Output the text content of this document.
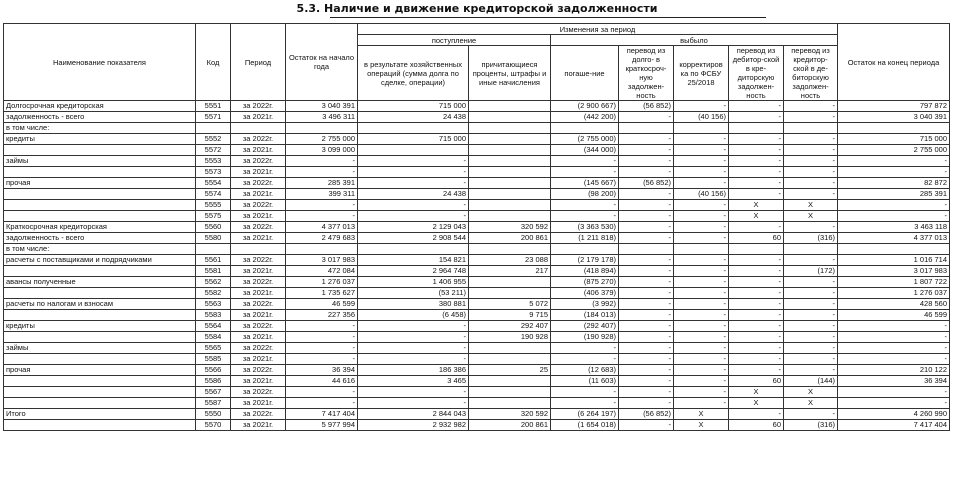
5.3. Наличие и движение кредиторской задолженности
Наименование показателя	Код	Период	Остаток на начало года	Изменения за период							Остаток на конец периода
				поступление		выбыло					
				в результате хозяйственных операций (сумма долга по сделке, операции)	причитающиеся проценты, штрафы и иные начисления	погаше-ние	перевод из долго- в краткосроч-ную задолжен-ность	корректиров ка по ФСБУ 25/2018	перевод из дебитор-ской в кре-диторскую задолжен-ность	перевод из кредитор-ской в де-биторскую задолжен-ность	
Долгосрочная кредиторская	5551	за 2022г.	3 040 391	715 000		(2 900 667)	(56 852)	-	-	-	797 872
задолженность - всего	5571	за 2021г.	3 496 311	24 438		(442 200)	-	(40 156)	-	-	3 040 391
в том числе:											
кредиты	5552	за 2022г.	2 755 000	715 000		(2 755 000)	-	-	-	-	715 000
	5572	за 2021г.	3 099 000			(344 000)	-	-	-	-	2 755 000
займы	5553	за 2022г.	-	-		-	-	-	-	-	-
	5573	за 2021г.	-	-		-	-	-	-	-	-
прочая	5554	за 2022г.	285 391	-		(145 667)	(56 852)	-	-	-	82 872
	5574	за 2021г.	399 311	24 438		(98 200)	-	(40 156)	-	-	285 391
	5555	за 2022г.	-	-		-	-	-	X	X	-
	5575	за 2021г.	-	-		-	-	-	X	X	-
Краткосрочная кредиторская	5560	за 2022г.	4 377 013	2 129 043	320 592	(3 363 530)	-	-	-	-	3 463 118
задолженность - всего	5580	за 2021г.	2 479 683	2 908 544	200 861	(1 211 818)	-	-	60	(316)	4 377 013
в том числе:											
расчеты с поставщиками и подрядчиками	5561	за 2022г.	3 017 983	154 821	23 088	(2 179 178)	-	-	-	-	1 016 714
	5581	за 2021г.	472 084	2 964 748	217	(418 894)	-	-	-	(172)	3 017 983
авансы полученные	5562	за 2022г.	1 276 037	1 406 955		(875 270)	-	-	-	-	1 807 722
	5582	за 2021г.	1 735 627	(53 211)		(406 379)	-	-	-	-	1 276 037
расчеты по налогам и взносам	5563	за 2022г.	46 599	380 881	5 072	(3 992)	-	-	-	-	428 560
	5583	за 2021г.	227 356	(6 458)	9 715	(184 013)	-	-	-	-	46 599
кредиты	5564	за 2022г.	-	-	292 407	(292 407)	-	-	-	-	-
	5584	за 2021г.	-	-	190 928	(190 928)	-	-	-	-	-
займы	5565	за 2022г.	-	-		-	-	-	-	-	-
	5585	за 2021г.	-	-		-	-	-	-	-	-
прочая	5566	за 2022г.	36 394	186 386	25	(12 683)	-	-	-	-	210 122
	5586	за 2021г.	44 616	3 465		(11 603)	-	-	60	(144)	36 394
	5567	за 2022г.	-	-		-	-	-	X	X	-
	5587	за 2021г.	-	-		-	-	-	X	X	-
Итого	5550	за 2022г.	7 417 404	2 844 043	320 592	(6 264 197)	(56 852)	X	-	-	4 260 990
	5570	за 2021г.	5 977 994	2 932 982	200 861	(1 654 018)	-	X	60	(316)	7 417 404
